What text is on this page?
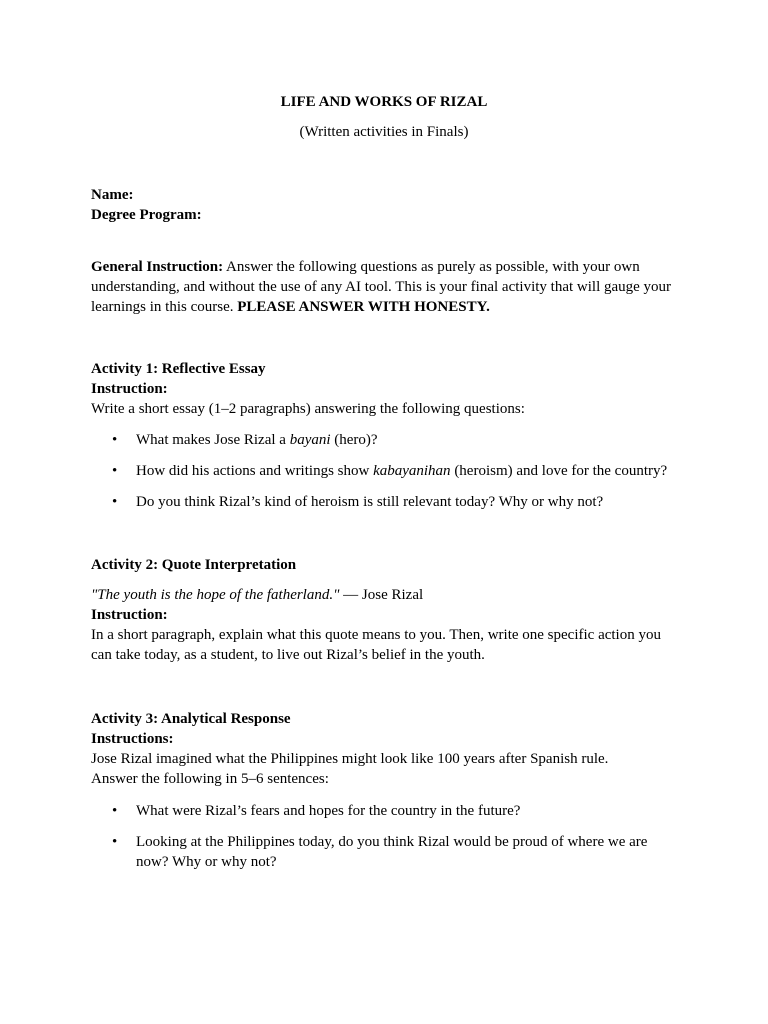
LIFE AND WORKS OF RIZAL
(Written activities in Finals)

Name:

Degree Program:

General Instruction: Answer the following questions as purely as possible, with your own understanding, and without the use of any AI tool. This is your final activity that will gauge your learnings in this course. PLEASE ANSWER WITH HONESTY.

Activity 1: Reflective Essay

Instruction:

Write a short essay (1–2 paragraphs) answering the following questions:

• What makes Jose Rizal a bayani (hero)?
• How did his actions and writings show kabayanihan (heroism) and love for the country?
• Do you think Rizal’s kind of heroism is still relevant today? Why or why not?

Activity 2: Quote Interpretation

"The youth is the hope of the fatherland." — Jose Rizal

Instruction:

In a short paragraph, explain what this quote means to you. Then, write one specific action you can take today, as a student, to live out Rizal’s belief in the youth.

Activity 3: Analytical Response

Instructions:

Jose Rizal imagined what the Philippines might look like 100 years after Spanish rule.

Answer the following in 5–6 sentences:

• What were Rizal’s fears and hopes for the country in the future?
• Looking at the Philippines today, do you think Rizal would be proud of where we are now? Why or why not?
